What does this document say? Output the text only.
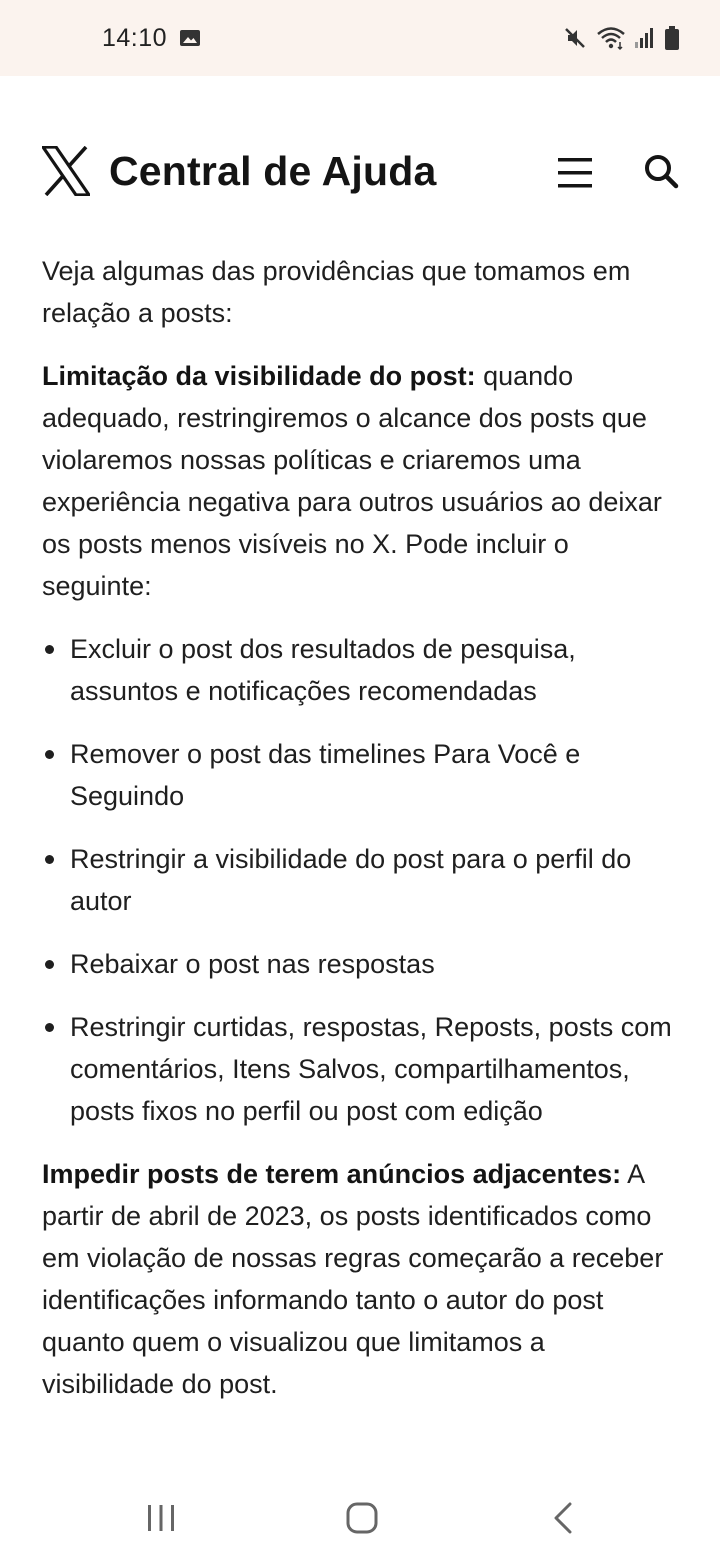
14:10
Central de Ajuda

Veja algumas das providências que tomamos em relação a posts:

Limitação da visibilidade do post: quando adequado, restringiremos o alcance dos posts que violaremos nossas políticas e criaremos uma experiência negativa para outros usuários ao deixar os posts menos visíveis no X. Pode incluir o seguinte:

Excluir o post dos resultados de pesquisa, assuntos e notificações recomendadas
Remover o post das timelines Para Você e Seguindo
Restringir a visibilidade do post para o perfil do autor
Rebaixar o post nas respostas
Restringir curtidas, respostas, Reposts, posts com comentários, Itens Salvos, compartilhamentos, posts fixos no perfil ou post com edição

Impedir posts de terem anúncios adjacentes: A partir de abril de 2023, os posts identificados como em violação de nossas regras começarão a receber identificações informando tanto o autor do post quanto quem o visualizou que limitamos a visibilidade do post.
